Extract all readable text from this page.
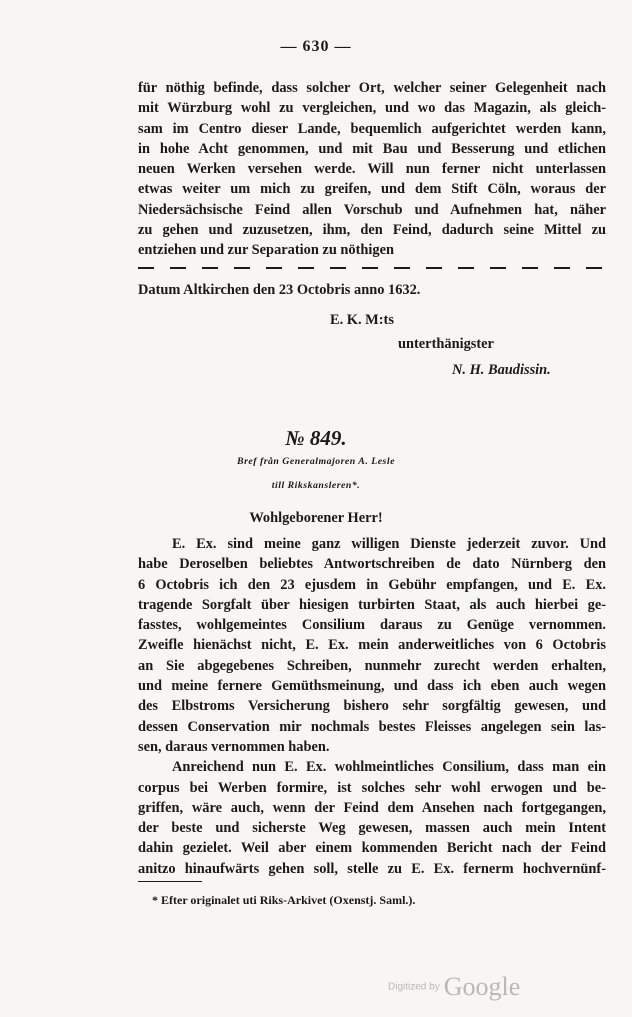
— 630 —
für nöthig befinde, dass solcher Ort, welcher seiner Gelegenheit nach
mit Würzburg wohl zu vergleichen, und wo das Magazin, als gleich-
sam im Centro dieser Lande, bequemlich aufgerichtet werden kann,
in hohe Acht genommen, und mit Bau und Besserung und etlichen
neuen Werken versehen werde. Will nun ferner nicht unterlassen
etwas weiter um mich zu greifen, und dem Stift Cöln, woraus der
Niedersächsische Feind allen Vorschub und Aufnehmen hat, näher
zu gehen und zuzusetzen, ihm, den Feind, dadurch seine Mittel zu
entziehen und zur Separation zu nöthigen
Datum Altkirchen den 23 Octobris anno 1632.
E. K. M:ts
unterthänigster
N. H. Baudissin.
№ 849.
Bref från Generalmajoren A. Lesle
till Rikskansleren*.
Wohlgeborener Herr!
E. Ex. sind meine ganz willigen Dienste jederzeit zuvor. Und
habe Deroselben beliebtes Antwortschreiben de dato Nürnberg den
6 Octobris ich den 23 ejusdem in Gebühr empfangen, und E. Ex.
tragende Sorgfalt über hiesigen turbirten Staat, als auch hierbei ge-
fasstes, wohlgemeintes Consilium daraus zu Genüge vernommen.
Zweifle hienächst nicht, E. Ex. mein anderweitliches von 6 Octobris
an Sie abgegebenes Schreiben, nunmehr zurecht werden erhalten,
und meine fernere Gemüthsmeinung, und dass ich eben auch wegen
des Elbstroms Versicherung bishero sehr sorgfältig gewesen, und
dessen Conservation mir nochmals bestes Fleisses angelegen sein las-
sen, daraus vernommen haben.
Anreichend nun E. Ex. wohlmeintliches Consilium, dass man ein
corpus bei Werben formire, ist solches sehr wohl erwogen und be-
griffen, wäre auch, wenn der Feind dem Ansehen nach fortgegangen,
der beste und sicherste Weg gewesen, massen auch mein Intent
dahin gezielet. Weil aber einem kommenden Bericht nach der Feind
anitzo hinaufwärts gehen soll, stelle zu E. Ex. fernerm hochvernünf-
* Efter originalet uti Riks-Arkivet (Oxenstj. Saml.).
Digitized by Google
